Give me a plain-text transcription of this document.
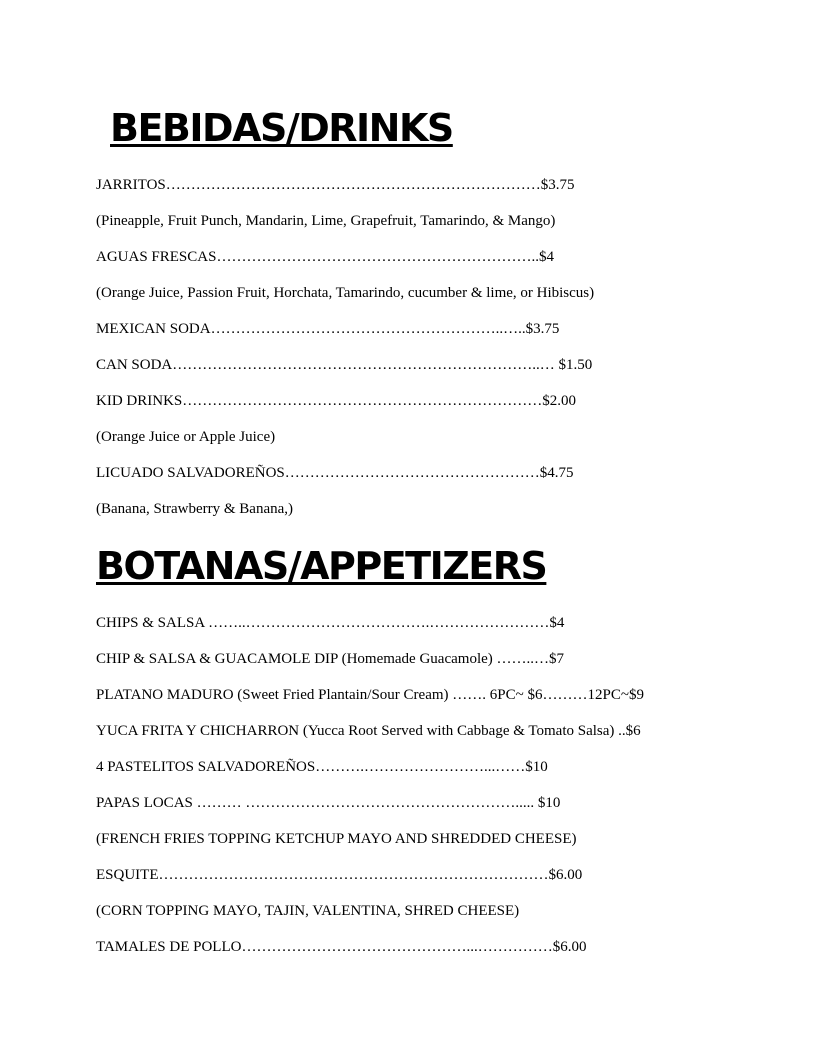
BEBIDAS/DRINKS

JARRITOS…………………………………………………………………$3.75

(Pineapple, Fruit Punch, Mandarin, Lime, Grapefruit, Tamarindo, & Mango)

AGUAS FRESCAS………………………………………………………..$4

(Orange Juice, Passion Fruit, Horchata, Tamarindo, cucumber & lime, or Hibiscus)

MEXICAN SODA…………………………………………………..…..$3.75

CAN SODA………………………………………………………………..… $1.50

KID DRINKS………………………………………………………………$2.00

(Orange Juice or Apple Juice)

LICUADO SALVADOREÑOS……………………………………………$4.75

(Banana, Strawberry & Banana,)

BOTANAS/APPETIZERS

CHIPS & SALSA ……..……………………………….……………………$4

CHIP & SALSA & GUACAMOLE DIP (Homemade Guacamole) ……..…$7

PLATANO MADURO (Sweet Fried Plantain/Sour Cream) ……. 6PC~ $6………12PC~$9

YUCA FRITA Y CHICHARRON (Yucca Root Served with Cabbage & Tomato Salsa) ..$6

4 PASTELITOS SALVADOREÑOS……….……………………...……$10

PAPAS LOCAS ……… ………………………………………………..... $10

(FRENCH FRIES TOPPING KETCHUP MAYO AND SHREDDED CHEESE)

ESQUITE……………………………………………………………………$6.00

(CORN TOPPING MAYO, TAJIN, VALENTINA, SHRED CHEESE)

TAMALES DE POLLO………………………………………...……………$6.00
